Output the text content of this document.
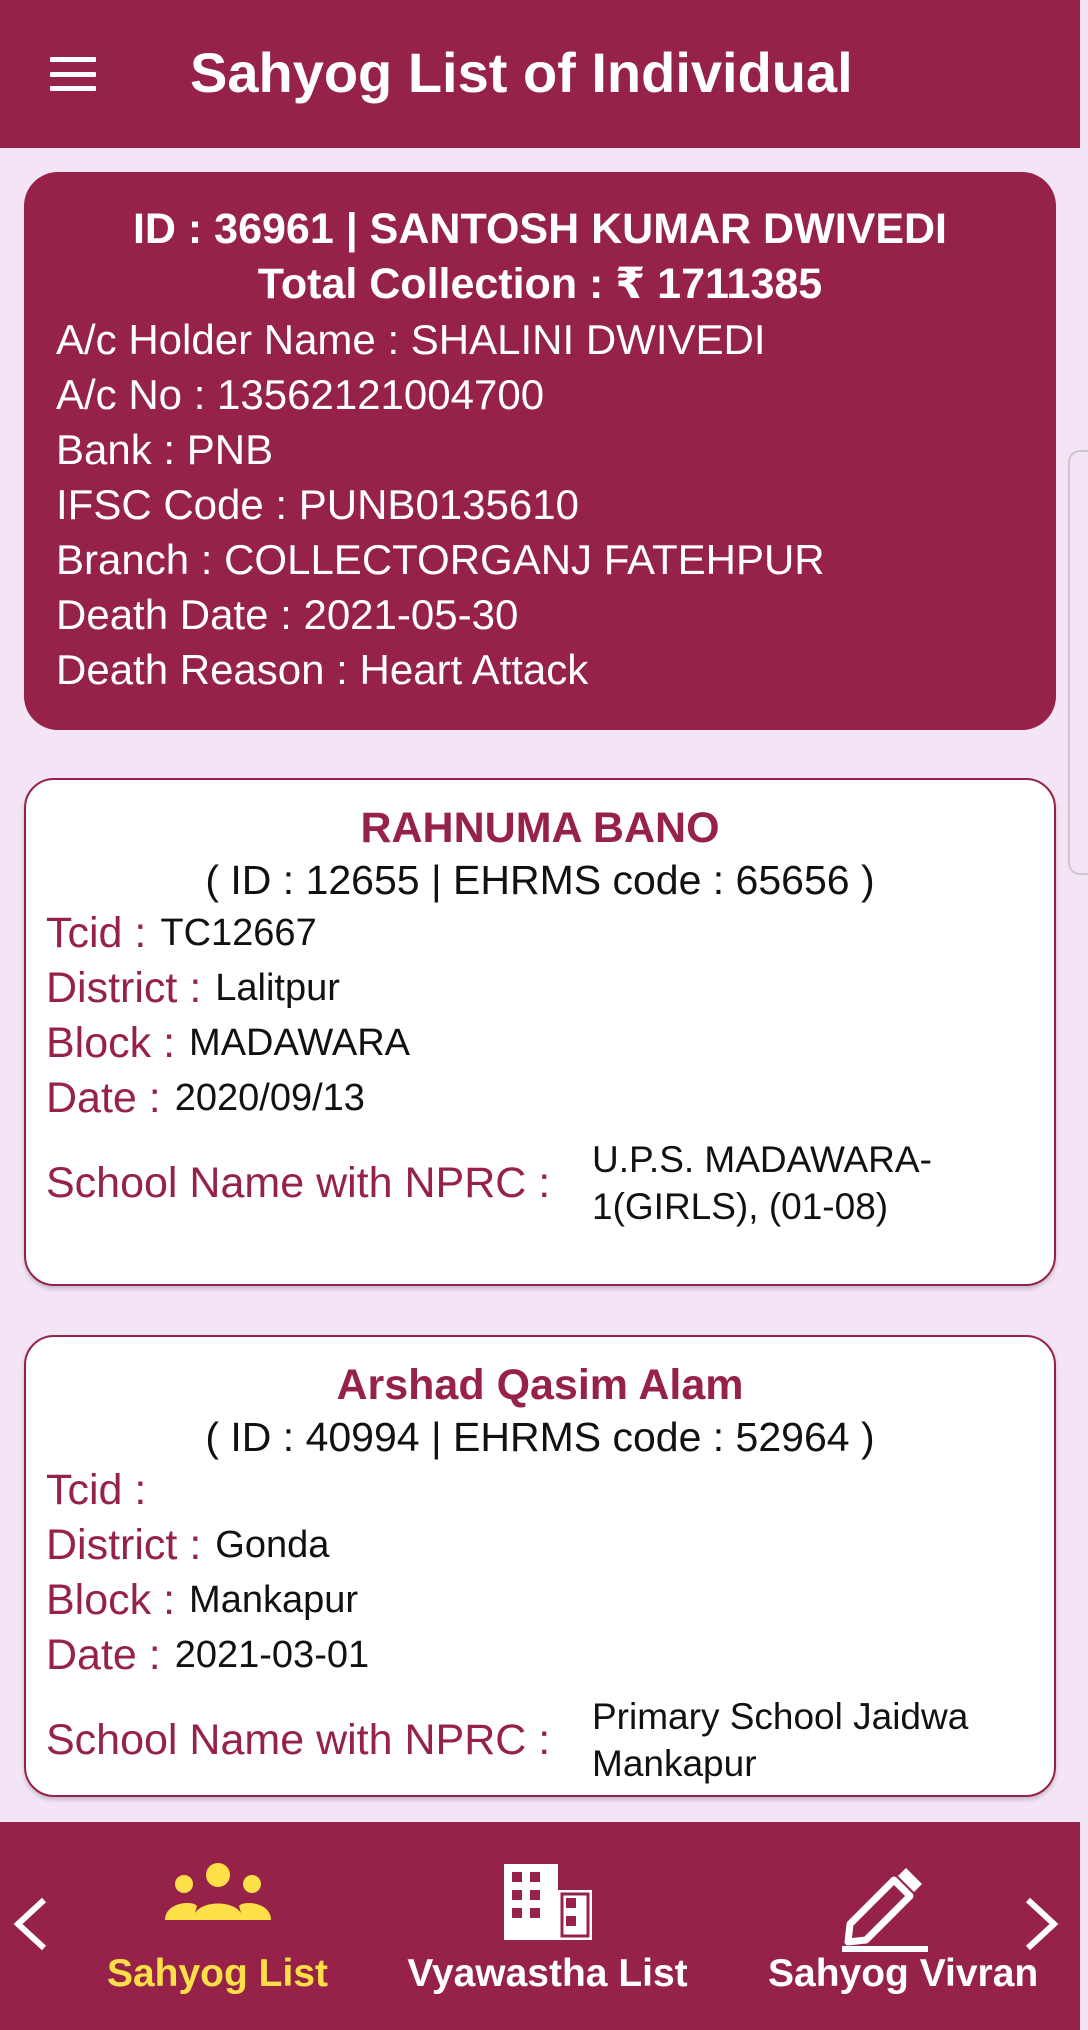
Sahyog List of Individual
ID : 36961 | SANTOSH KUMAR DWIVEDI
Total Collection : ₹ 1711385
A/c Holder Name : SHALINI DWIVEDI
A/c No : 13562121004700
Bank : PNB
IFSC Code : PUNB0135610
Branch : COLLECTORGANJ FATEHPUR
Death Date : 2021-05-30
Death Reason : Heart Attack
RAHNUMA BANO
( ID : 12655 | EHRMS code : 65656 )
Tcid : TC12667
District : Lalitpur
Block : MADAWARA
Date : 2020/09/13
School Name with NPRC :	U.P.S. MADAWARA-1(GIRLS), (01-08)
Arshad Qasim Alam
( ID : 40994 | EHRMS code : 52964 )
Tcid :
District : Gonda
Block : Mankapur
Date : 2021-03-01
School Name with NPRC :	Primary School Jaidwa Mankapur
Sahyog List	Vyawastha List	Sahyog Vivran
